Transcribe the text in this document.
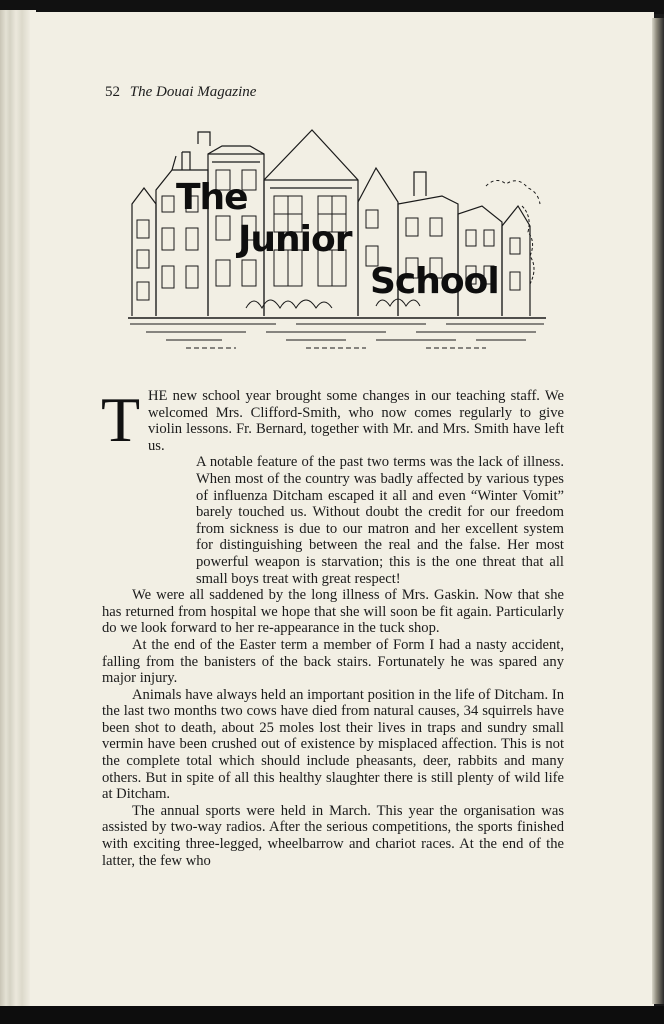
52 The Douai Magazine
The
Junior
School
T HE new school year brought some changes in our teaching staff. We welcomed Mrs. Clifford-Smith, who now comes regularly to give violin lessons. Fr. Bernard, together with Mr. and Mrs. Smith have left us.

A notable feature of the past two terms was the lack of illness. When most of the country was badly affected by various types of influenza Ditcham escaped it all and even “Winter Vomit” barely touched us. Without doubt the credit for our freedom from sickness is due to our matron and her excellent system for distinguishing between the real and the false. Her most powerful weapon is starvation; this is the one threat that all small boys treat with great respect!

We were all saddened by the long illness of Mrs. Gaskin. Now that she has returned from hospital we hope that she will soon be fit again. Particularly do we look forward to her re-appearance in the tuck shop.

At the end of the Easter term a member of Form I had a nasty accident, falling from the banisters of the back stairs. Fortunately he was spared any major injury.

Animals have always held an important position in the life of Ditcham. In the last two months two cows have died from natural causes, 34 squirrels have been shot to death, about 25 moles lost their lives in traps and sundry small vermin have been crushed out of existence by misplaced affection. This is not the complete total which should include pheasants, deer, rabbits and many others. But in spite of all this healthy slaughter there is still plenty of wild life at Ditcham.

The annual sports were held in March. This year the organisation was assisted by two-way radios. After the serious competitions, the sports finished with exciting three-legged, wheelbarrow and chariot races. At the end of the latter, the few who
